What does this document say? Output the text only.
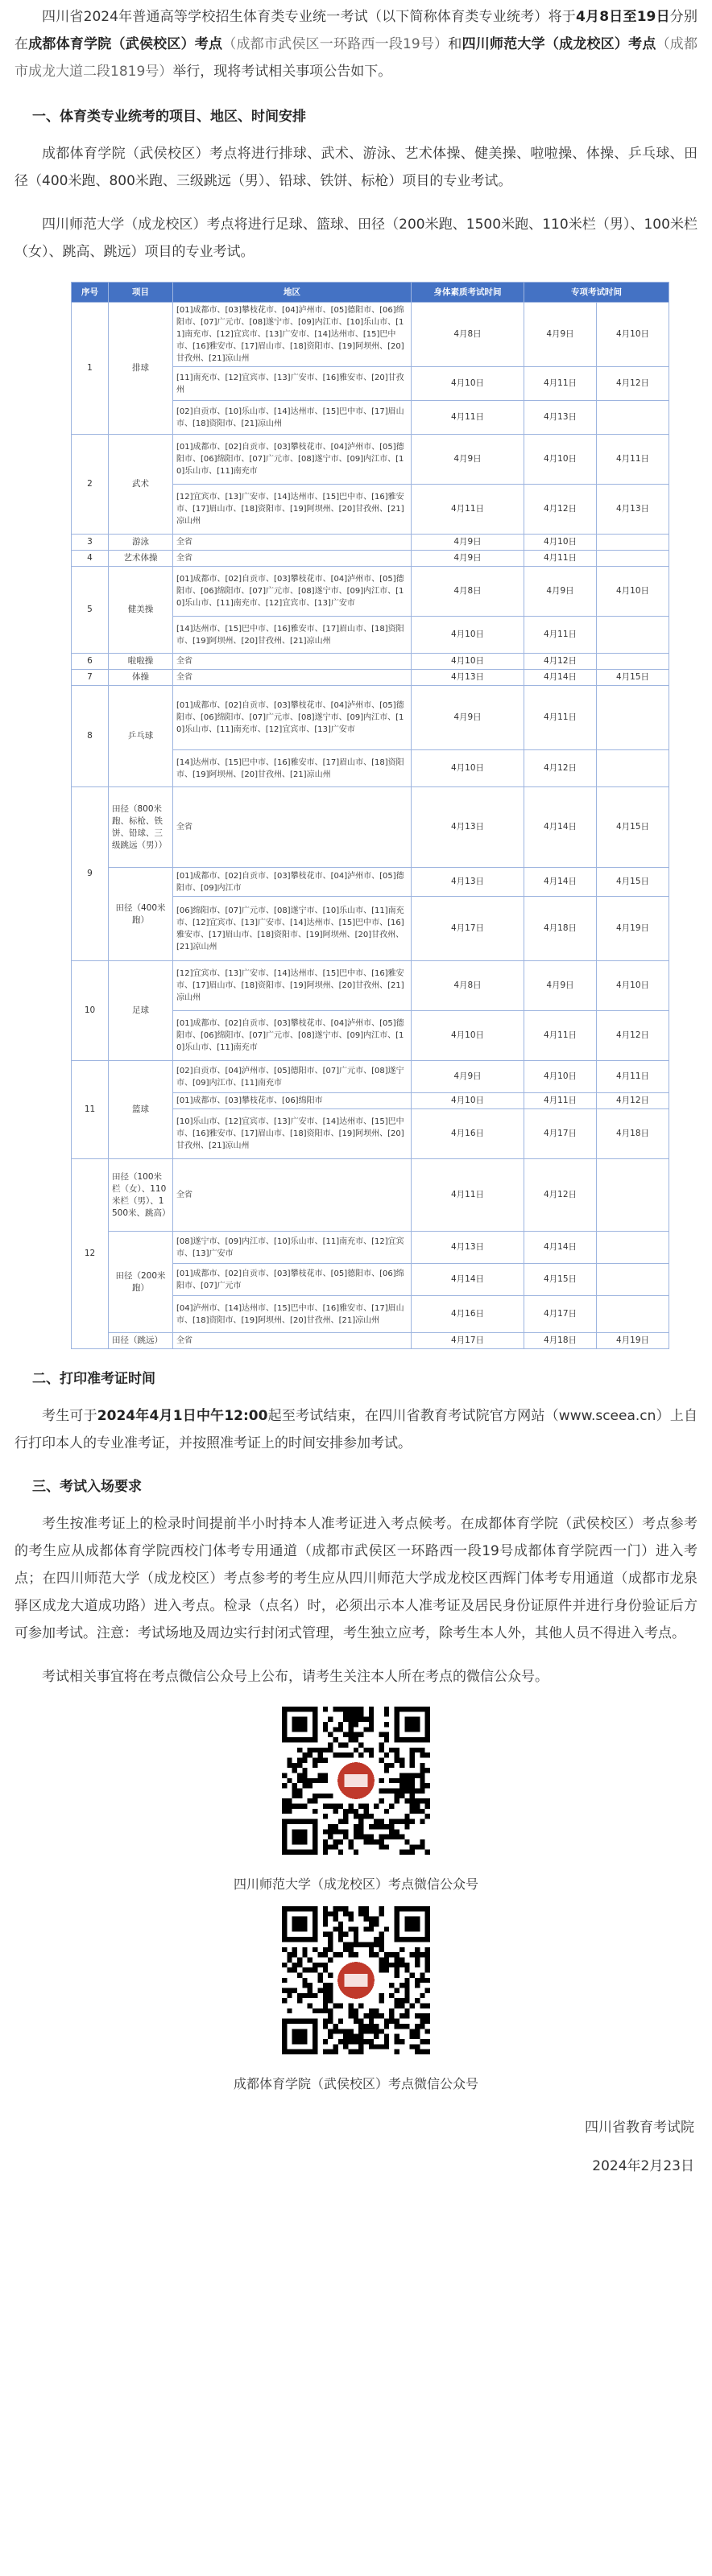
四川省2024年普通高等学校招生体育类专业统一考试（以下简称体育类专业统考）将于4月8日至19日分别在成都体育学院（武侯校区）考点（成都市武侯区一环路西一段19号）和四川师范大学（成龙校区）考点（成都市成龙大道二段1819号）举行，现将考试相关事项公告如下。

一、体育类专业统考的项目、地区、时间安排

成都体育学院（武侯校区）考点将进行排球、武术、游泳、艺术体操、健美操、啦啦操、体操、乒乓球、田径（400米跑、800米跑、三级跳远（男）、铅球、铁饼、标枪）项目的专业考试。

四川师范大学（成龙校区）考点将进行足球、篮球、田径（200米跑、1500米跑、110米栏（男）、100米栏（女）、跳高、跳远）项目的专业考试。

序号	项目	地区	身体素质考试时间	专项考试时间	
1	排球	[01]成都市、[03]攀枝花市、[04]泸州市、[05]德阳市、[06]绵阳市、[07]广元市、[08]遂宁市、[09]内江市、[10]乐山市、[11]南充市、[12]宜宾市、[13]广安市、[14]达州市、[15]巴中市、[16]雅安市、[17]眉山市、[18]资阳市、[19]阿坝州、[20]甘孜州、[21]凉山州	4月8日	4月9日	4月10日
		[11]南充市、[12]宜宾市、[13]广安市、[16]雅安市、[20]甘孜州	4月10日	4月11日	4月12日
		[02]自贡市、[10]乐山市、[14]达州市、[15]巴中市、[17]眉山市、[18]资阳市、[21]凉山州	4月11日	4月13日	
2	武术	[01]成都市、[02]自贡市、[03]攀枝花市、[04]泸州市、[05]德阳市、[06]绵阳市、[07]广元市、[08]遂宁市、[09]内江市、[10]乐山市、[11]南充市	4月9日	4月10日	4月11日
		[12]宜宾市、[13]广安市、[14]达州市、[15]巴中市、[16]雅安市、[17]眉山市、[18]资阳市、[19]阿坝州、[20]甘孜州、[21]凉山州	4月11日	4月12日	4月13日
3	游泳	全省	4月9日	4月10日	
4	艺术体操	全省	4月9日	4月11日	
5	健美操	[01]成都市、[02]自贡市、[03]攀枝花市、[04]泸州市、[05]德阳市、[06]绵阳市、[07]广元市、[08]遂宁市、[09]内江市、[10]乐山市、[11]南充市、[12]宜宾市、[13]广安市	4月8日	4月9日	4月10日
		[14]达州市、[15]巴中市、[16]雅安市、[17]眉山市、[18]资阳市、[19]阿坝州、[20]甘孜州、[21]凉山州	4月10日	4月11日	
6	啦啦操	全省	4月10日	4月12日	
7	体操	全省	4月13日	4月14日	4月15日
8	乒乓球	[01]成都市、[02]自贡市、[03]攀枝花市、[04]泸州市、[05]德阳市、[06]绵阳市、[07]广元市、[08]遂宁市、[09]内江市、[10]乐山市、[11]南充市、[12]宜宾市、[13]广安市	4月9日	4月11日	
		[14]达州市、[15]巴中市、[16]雅安市、[17]眉山市、[18]资阳市、[19]阿坝州、[20]甘孜州、[21]凉山州	4月10日	4月12日	
9	田径（800米跑、标枪、铁饼、铅球、三级跳远（男））	全省	4月13日	4月14日	4月15日
	田径（400米跑）	[01]成都市、[02]自贡市、[03]攀枝花市、[04]泸州市、[05]德阳市、[09]内江市	4月13日	4月14日	4月15日
		[06]绵阳市、[07]广元市、[08]遂宁市、[10]乐山市、[11]南充市、[12]宜宾市、[13]广安市、[14]达州市、[15]巴中市、[16]雅安市、[17]眉山市、[18]资阳市、[19]阿坝州、[20]甘孜州、[21]凉山州	4月17日	4月18日	4月19日
10	足球	[12]宜宾市、[13]广安市、[14]达州市、[15]巴中市、[16]雅安市、[17]眉山市、[18]资阳市、[19]阿坝州、[20]甘孜州、[21]凉山州	4月8日	4月9日	4月10日
		[01]成都市、[02]自贡市、[03]攀枝花市、[04]泸州市、[05]德阳市、[06]绵阳市、[07]广元市、[08]遂宁市、[09]内江市、[10]乐山市、[11]南充市	4月10日	4月11日	4月12日
11	篮球	[02]自贡市、[04]泸州市、[05]德阳市、[07]广元市、[08]遂宁市、[09]内江市、[11]南充市	4月9日	4月10日	4月11日
		[01]成都市、[03]攀枝花市、[06]绵阳市	4月10日	4月11日	4月12日
		[10]乐山市、[12]宜宾市、[13]广安市、[14]达州市、[15]巴中市、[16]雅安市、[17]眉山市、[18]资阳市、[19]阿坝州、[20]甘孜州、[21]凉山州	4月16日	4月17日	4月18日
12	田径（100米栏（女）、110米栏（男）、1500米、跳高）	全省	4月11日	4月12日	
	田径（200米跑）	[08]遂宁市、[09]内江市、[10]乐山市、[11]南充市、[12]宜宾市、[13]广安市	4月13日	4月14日	
		[01]成都市、[02]自贡市、[03]攀枝花市、[05]德阳市、[06]绵阳市、[07]广元市	4月14日	4月15日	
		[04]泸州市、[14]达州市、[15]巴中市、[16]雅安市、[17]眉山市、[18]资阳市、[19]阿坝州、[20]甘孜州、[21]凉山州	4月16日	4月17日	
	田径（跳远）	全省	4月17日	4月18日	4月19日
二、打印准考证时间

考生可于2024年4月1日中午12:00起至考试结束，在四川省教育考试院官方网站（www.sceea.cn）上自行打印本人的专业准考证，并按照准考证上的时间安排参加考试。

三、考试入场要求

考生按准考证上的检录时间提前半小时持本人准考证进入考点候考。在成都体育学院（武侯校区）考点参考的考生应从成都体育学院西校门体考专用通道（成都市武侯区一环路西一段19号成都体育学院西一门）进入考点；在四川师范大学（成龙校区）考点参考的考生应从四川师范大学成龙校区西辉门体考专用通道（成都市龙泉驿区成龙大道成功路）进入考点。检录（点名）时，必须出示本人准考证及居民身份证原件并进行身份验证后方可参加考试。注意：考试场地及周边实行封闭式管理，考生独立应考，除考生本人外，其他人员不得进入考点。

考试相关事宜将在考点微信公众号上公布，请考生关注本人所在考点的微信公众号。

四川师范大学（成龙校区）考点微信公众号
成都体育学院（武侯校区）考点微信公众号
四川省教育考试院
2024年2月23日
